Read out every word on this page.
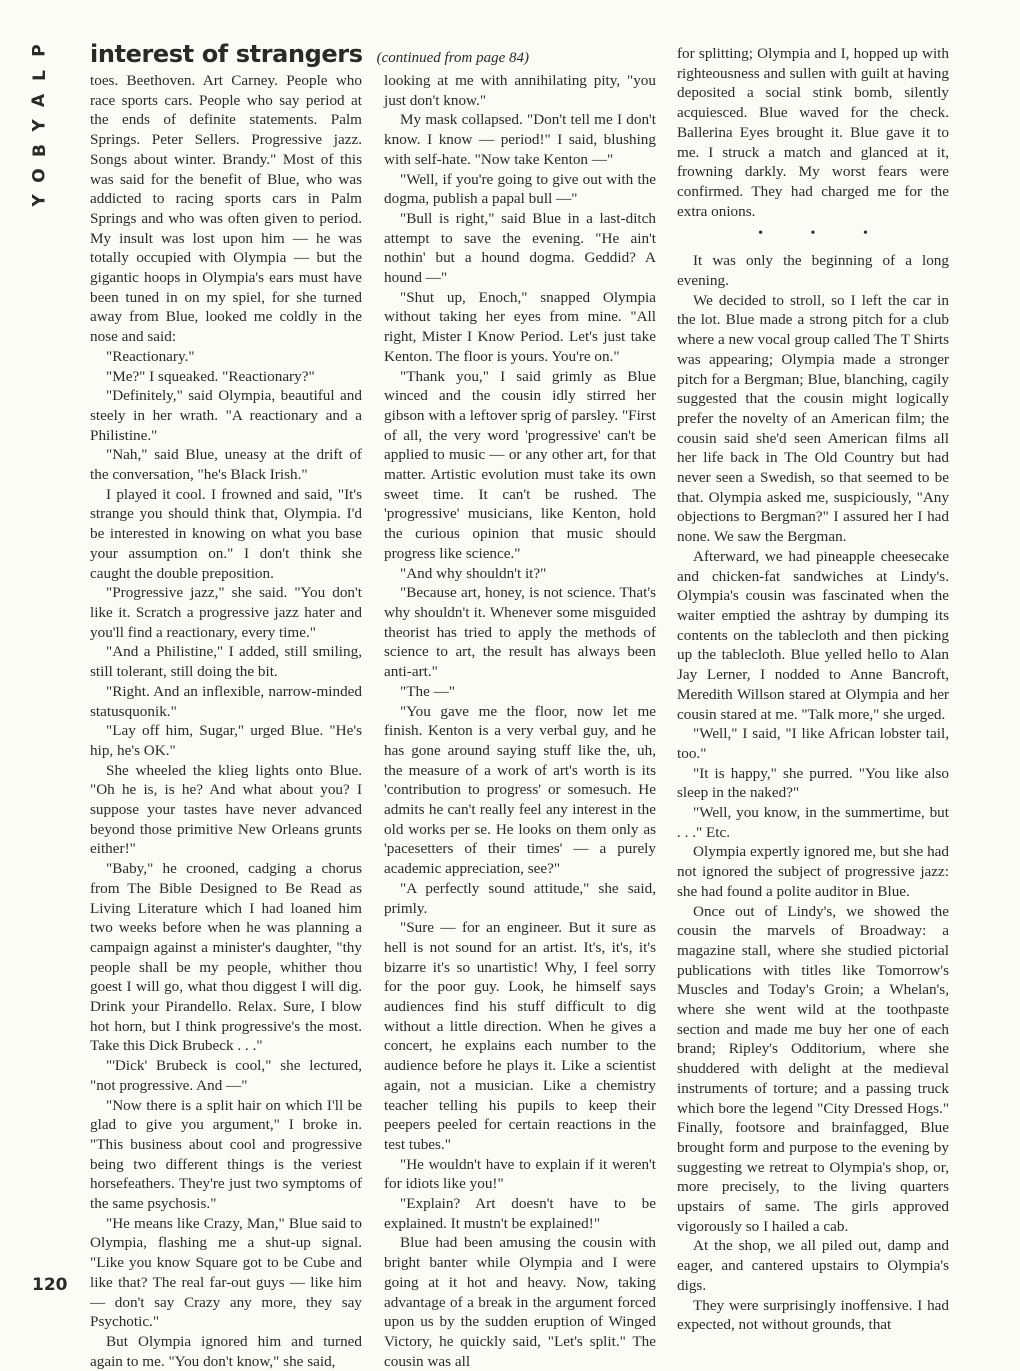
P
L
A
Y
B
O
Y
interest of strangers (continued from page 84)

toes. Beethoven. Art Carney. People who race sports cars. People who say period at the ends of definite statements. Palm Springs. Peter Sellers. Progressive jazz. Songs about winter. Brandy." Most of this was said for the benefit of Blue, who was addicted to racing sports cars in Palm Springs and who was often given to period. My insult was lost upon him — he was totally occupied with Olympia — but the gigantic hoops in Olympia's ears must have been tuned in on my spiel, for she turned away from Blue, looked me coldly in the nose and said:

"Reactionary."

"Me?" I squeaked. "Reactionary?"

"Definitely," said Olympia, beautiful and steely in her wrath. "A reactionary and a Philistine."

"Nah," said Blue, uneasy at the drift of the conversation, "he's Black Irish."

I played it cool. I frowned and said, "It's strange you should think that, Olympia. I'd be interested in knowing on what you base your assumption on." I don't think she caught the double preposition.

"Progressive jazz," she said. "You don't like it. Scratch a progressive jazz hater and you'll find a reactionary, every time."

"And a Philistine," I added, still smiling, still tolerant, still doing the bit.

"Right. And an inflexible, narrow-minded statusquonik."

"Lay off him, Sugar," urged Blue. "He's hip, he's OK."

She wheeled the klieg lights onto Blue. "Oh he is, is he? And what about you? I suppose your tastes have never advanced beyond those primitive New Orleans grunts either!"

"Baby," he crooned, cadging a chorus from The Bible Designed to Be Read as Living Literature which I had loaned him two weeks before when he was planning a campaign against a minister's daughter, "thy people shall be my people, whither thou goest I will go, what thou diggest I will dig. Drink your Pirandello. Relax. Sure, I blow hot horn, but I think progressive's the most. Take this Dick Brubeck . . ."

"'Dick' Brubeck is cool," she lectured, "not progressive. And —"

"Now there is a split hair on which I'll be glad to give you argument," I broke in. "This business about cool and progressive being two different things is the veriest horsefeathers. They're just two symptoms of the same psychosis."

"He means like Crazy, Man," Blue said to Olympia, flashing me a shut-up signal. "Like you know Square got to be Cube and like that? The real far-out guys — like him — don't say Crazy any more, they say Psychotic."

But Olympia ignored him and turned again to me. "You don't know," she said,

looking at me with annihilating pity, "you just don't know."

My mask collapsed. "Don't tell me I don't know. I know — period!" I said, blushing with self-hate. "Now take Kenton —"

"Well, if you're going to give out with the dogma, publish a papal bull —"

"Bull is right," said Blue in a last-ditch attempt to save the evening. "He ain't nothin' but a hound dogma. Geddid? A hound —"

"Shut up, Enoch," snapped Olympia without taking her eyes from mine. "All right, Mister I Know Period. Let's just take Kenton. The floor is yours. You're on."

"Thank you," I said grimly as Blue winced and the cousin idly stirred her gibson with a leftover sprig of parsley. "First of all, the very word 'progressive' can't be applied to music — or any other art, for that matter. Artistic evolution must take its own sweet time. It can't be rushed. The 'progressive' musicians, like Kenton, hold the curious opinion that music should progress like science."

"And why shouldn't it?"

"Because art, honey, is not science. That's why shouldn't it. Whenever some misguided theorist has tried to apply the methods of science to art, the result has always been anti-art."

"The —"

"You gave me the floor, now let me finish. Kenton is a very verbal guy, and he has gone around saying stuff like the, uh, the measure of a work of art's worth is its 'contribution to progress' or somesuch. He admits he can't really feel any interest in the old works per se. He looks on them only as 'pacesetters of their times' — a purely academic appreciation, see?"

"A perfectly sound attitude," she said, primly.

"Sure — for an engineer. But it sure as hell is not sound for an artist. It's, it's, it's bizarre it's so unartistic! Why, I feel sorry for the poor guy. Look, he himself says audiences find his stuff difficult to dig without a little direction. When he gives a concert, he explains each number to the audience before he plays it. Like a scientist again, not a musician. Like a chemistry teacher telling his pupils to keep their peepers peeled for certain reactions in the test tubes."

"He wouldn't have to explain if it weren't for idiots like you!"

"Explain? Art doesn't have to be explained. It mustn't be explained!"

Blue had been amusing the cousin with bright banter while Olympia and I were going at it hot and heavy. Now, taking advantage of a break in the argument forced upon us by the sudden eruption of Winged Victory, he quickly said, "Let's split." The cousin was all

for splitting; Olympia and I, hopped up with righteousness and sullen with guilt at having deposited a social stink bomb, silently acquiesced. Blue waved for the check. Ballerina Eyes brought it. Blue gave it to me. I struck a match and glanced at it, frowning darkly. My worst fears were confirmed. They had charged me for the extra onions.

• • •

It was only the beginning of a long evening.

We decided to stroll, so I left the car in the lot. Blue made a strong pitch for a club where a new vocal group called The T Shirts was appearing; Olympia made a stronger pitch for a Bergman; Blue, blanching, cagily suggested that the cousin might logically prefer the novelty of an American film; the cousin said she'd seen American films all her life back in The Old Country but had never seen a Swedish, so that seemed to be that. Olympia asked me, suspiciously, "Any objections to Bergman?" I assured her I had none. We saw the Bergman.

Afterward, we had pineapple cheesecake and chicken-fat sandwiches at Lindy's. Olympia's cousin was fascinated when the waiter emptied the ashtray by dumping its contents on the tablecloth and then picking up the tablecloth. Blue yelled hello to Alan Jay Lerner, I nodded to Anne Bancroft, Meredith Willson stared at Olympia and her cousin stared at me. "Talk more," she urged.

"Well," I said, "I like African lobster tail, too."

"It is happy," she purred. "You like also sleep in the naked?"

"Well, you know, in the summertime, but . . ." Etc.

Olympia expertly ignored me, but she had not ignored the subject of progressive jazz: she had found a polite auditor in Blue.

Once out of Lindy's, we showed the cousin the marvels of Broadway: a magazine stall, where she studied pictorial publications with titles like Tomorrow's Muscles and Today's Groin; a Whelan's, where she went wild at the toothpaste section and made me buy her one of each brand; Ripley's Odditorium, where she shuddered with delight at the medieval instruments of torture; and a passing truck which bore the legend "City Dressed Hogs." Finally, footsore and brainfagged, Blue brought form and purpose to the evening by suggesting we retreat to Olympia's shop, or, more precisely, to the living quarters upstairs of same. The girls approved vigorously so I hailed a cab.

At the shop, we all piled out, damp and eager, and cantered upstairs to Olympia's digs.

They were surprisingly inoffensive. I had expected, not without grounds, that

120
